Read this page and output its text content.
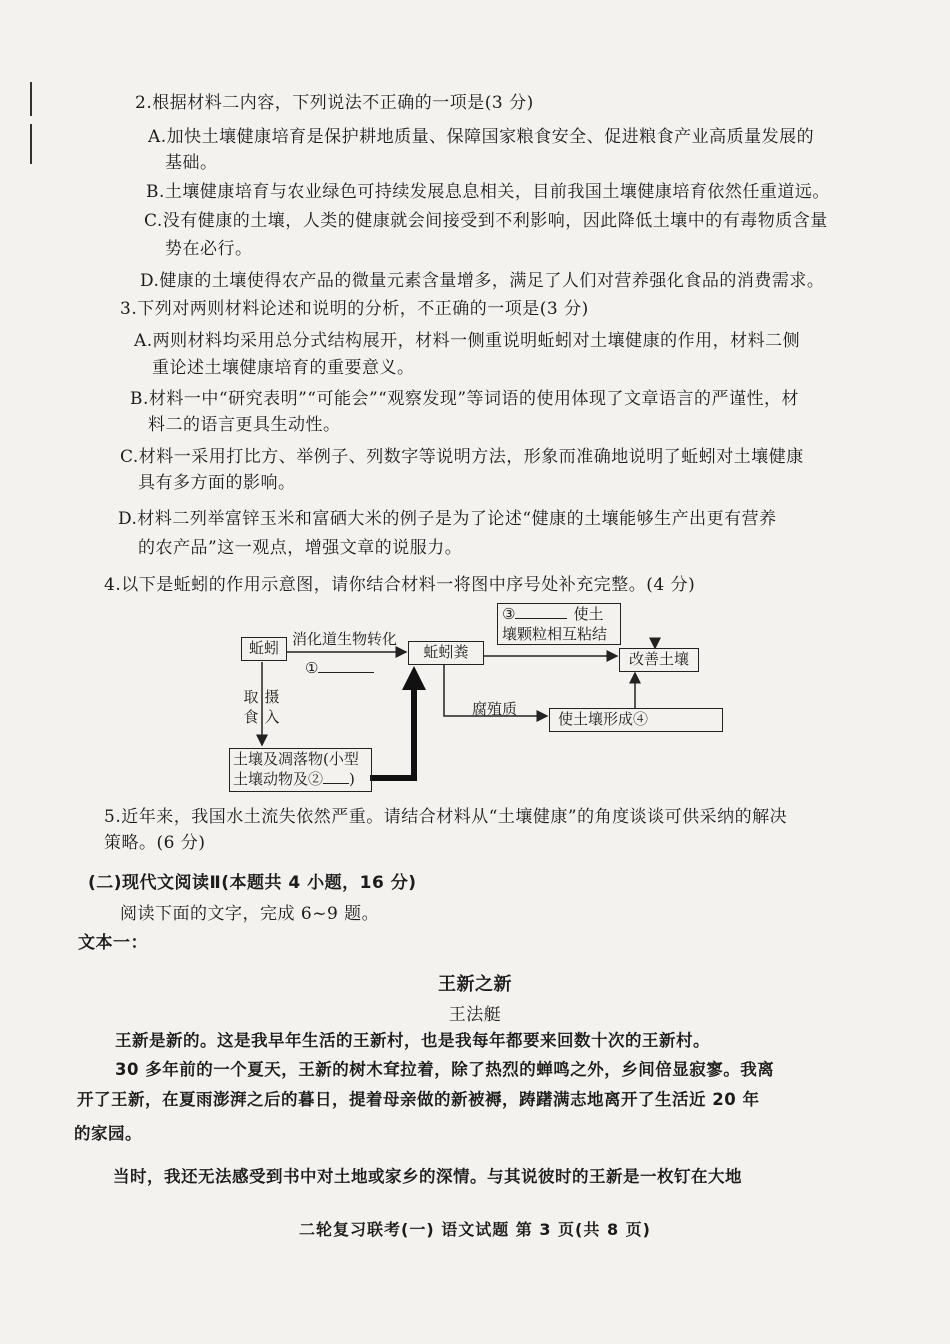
2.根据材料二内容，下列说法不正确的一项是(3 分)
A.加快土壤健康培育是保护耕地质量、保障国家粮食安全、促进粮食产业高质量发展的
基础。
B.土壤健康培育与农业绿色可持续发展息息相关，目前我国土壤健康培育依然任重道远。
C.没有健康的土壤，人类的健康就会间接受到不利影响，因此降低土壤中的有毒物质含量
势在必行。
D.健康的土壤使得农产品的微量元素含量增多，满足了人们对营养强化食品的消费需求。
3.下列对两则材料论述和说明的分析，不正确的一项是(3 分)
A.两则材料均采用总分式结构展开，材料一侧重说明蚯蚓对土壤健康的作用，材料二侧
重论述土壤健康培育的重要意义。
B.材料一中“研究表明”“可能会”“观察发现”等词语的使用体现了文章语言的严谨性，材
料二的语言更具生动性。
C.材料一采用打比方、举例子、列数字等说明方法，形象而准确地说明了蚯蚓对土壤健康
具有多方面的影响。
D.材料二列举富锌玉米和富硒大米的例子是为了论述“健康的土壤能够生产出更有营养
的农产品”这一观点，增强文章的说服力。
4.以下是蚯蚓的作用示意图，请你结合材料一将图中序号处补充完整。(4 分)
蚯蚓 消化道生物转化
①
蚯蚓粪
③	使土
壤颗粒相互粘结
改善土壤
腐殖质
使土壤形成④
取食
摄入
土壤及凋落物(小型
土壤动物及② )
5.近年来，我国水土流失依然严重。请结合材料从“土壤健康”的角度谈谈可供采纳的解决
策略。(6 分)
(二)现代文阅读Ⅱ(本题共 4 小题，16 分)
阅读下面的文字，完成 6~9 题。
文本一：
王新之新
王法艇
王新是新的。这是我早年生活的王新村，也是我每年都要来回数十次的王新村。
30 多年前的一个夏天，王新的树木耷拉着，除了热烈的蝉鸣之外，乡间倍显寂寥。我离
开了王新，在夏雨澎湃之后的暮日，提着母亲做的新被褥，踌躇满志地离开了生活近 20 年
的家园。
当时，我还无法感受到书中对土地或家乡的深情。与其说彼时的王新是一枚钉在大地
二轮复习联考(一) 语文试题 第 3 页(共 8 页)
